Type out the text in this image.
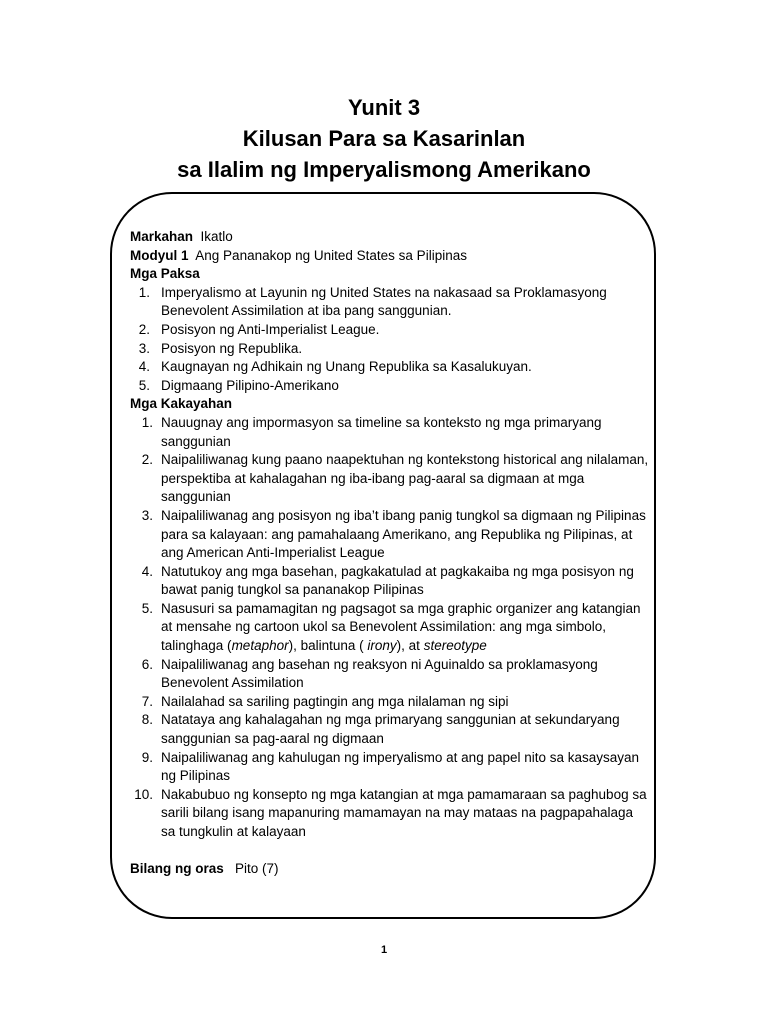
Yunit 3
Kilusan Para sa Kasarinlan
sa Ilalim ng Imperyalismong Amerikano
Markahan Ikatlo
Modyul 1 Ang Pananakop ng United States sa Pilipinas
Mga Paksa
1. Imperyalismo at Layunin ng United States na nakasaad sa Proklamasyong Benevolent Assimilation at iba pang sanggunian.
2. Posisyon ng Anti-Imperialist League.
3. Posisyon ng Republika.
4. Kaugnayan ng Adhikain ng Unang Republika sa Kasalukuyan.
5. Digmaang Pilipino-Amerikano
Mga Kakayahan
1. Nauugnay ang impormasyon sa timeline sa konteksto ng mga primaryang sanggunian
2. Naipaliliwanag kung paano naapektuhan ng kontekstong historical ang nilalaman, perspektiba at kahalagahan ng iba-ibang pag-aaral sa digmaan at mga sanggunian
3. Naipaliliwanag ang posisyon ng iba’t ibang panig tungkol sa digmaan ng Pilipinas para sa kalayaan: ang pamahalaang Amerikano, ang Republika ng Pilipinas, at ang American Anti-Imperialist League
4. Natutukoy ang mga basehan, pagkakatulad at pagkakaiba ng mga posisyon ng bawat panig tungkol sa pananakop Pilipinas
5. Nasusuri sa pamamagitan ng pagsagot sa mga graphic organizer ang katangian at mensahe ng cartoon ukol sa Benevolent Assimilation: ang mga simbolo, talinghaga (metaphor), balintuna ( irony), at stereotype
6. Naipaliliwanag ang basehan ng reaksyon ni Aguinaldo sa proklamasyong Benevolent Assimilation
7. Nailalahad sa sariling pagtingin ang mga nilalaman ng sipi
8. Natataya ang kahalagahan ng mga primaryang sanggunian at sekundaryang sanggunian sa pag-aaral ng digmaan
9. Naipaliliwanag ang kahulugan ng imperyalismo at ang papel nito sa kasaysayan ng Pilipinas
10. Nakabubuo ng konsepto ng mga katangian at mga pamamaraan sa paghubog sa sarili bilang isang mapanuring mamamayan na may mataas na pagpapahalaga sa tungkulin at kalayaan
Bilang ng oras Pito (7)
1
